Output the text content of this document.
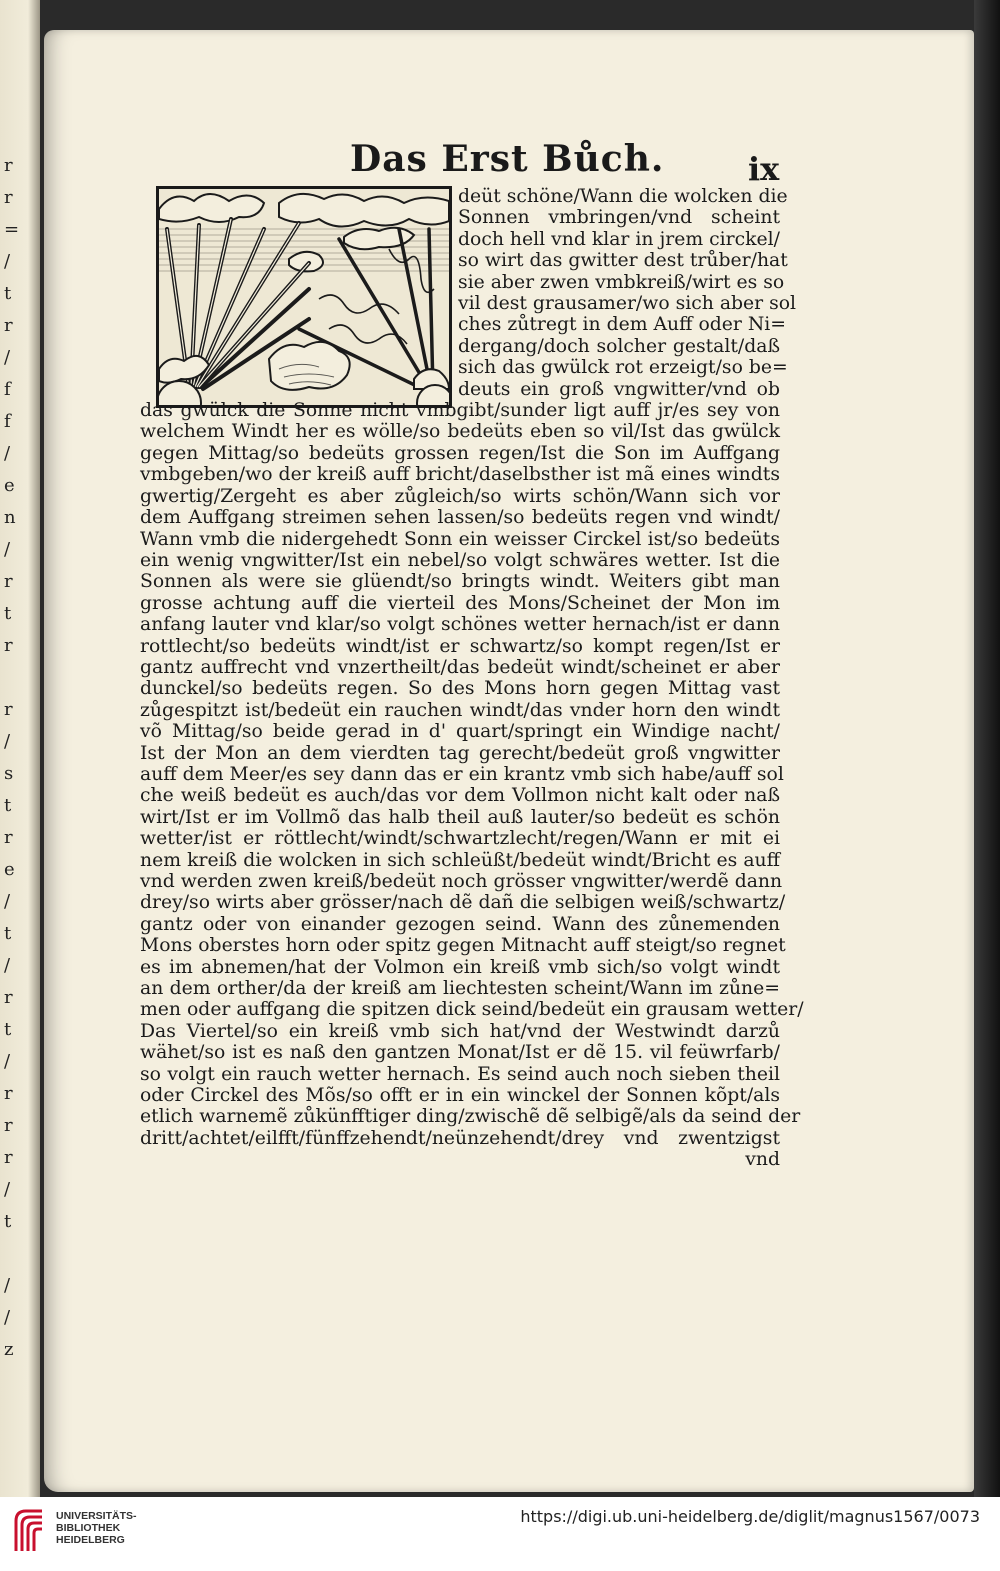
r
r
=
/
t
r
/
f
f
/
e
n
/
r
t
r

r
/
s
t
r
e
/
t
/
r
t
/
r
r
r
/
t

/
/
z
Das Erst Bůch.	ix
deüt schöne/Wann die wolcken die
Sonnen vmbringen/vnd scheint
doch hell vnd klar in jrem circkel/
so wirt das gwitter dest trůber/hat
sie aber zwen vmbkreiß/wirt es so
vil dest grausamer/wo sich aber sol
ches zůtregt in dem Auff oder Ni=
dergang/doch solcher gestalt/daß
sich das gwülck rot erzeigt/so be=
deuts ein groß vngwitter/vnd ob
das gwülck die Sonne nicht vmbgibt/sunder ligt auff jr/es sey von
welchem Windt her es wölle/so bedeüts eben so vil/Ist das gwülck
gegen Mittag/so bedeüts grossen regen/Ist die Son im Auffgang
vmbgeben/wo der kreiß auff bricht/daselbsther ist mã eines windts
gwertig/Zergeht es aber zůgleich/so wirts schön/Wann sich vor
dem Auffgang streimen sehen lassen/so bedeüts regen vnd windt/
Wann vmb die nidergehedt Sonn ein weisser Circkel ist/so bedeüts
ein wenig vngwitter/Ist ein nebel/so volgt schwäres wetter. Ist die
Sonnen als were sie glüendt/so bringts windt. Weiters gibt man
grosse achtung auff die vierteil des Mons/Scheinet der Mon im
anfang lauter vnd klar/so volgt schönes wetter hernach/ist er dann
rottlecht/so bedeüts windt/ist er schwartz/so kompt regen/Ist er
gantz auffrecht vnd vnzertheilt/das bedeüt windt/scheinet er aber
dunckel/so bedeüts regen. So des Mons horn gegen Mittag vast
zůgespitzt ist/bedeüt ein rauchen windt/das vnder horn den windt
võ Mittag/so beide gerad in d' quart/springt ein Windige nacht/
Ist der Mon an dem vierdten tag gerecht/bedeüt groß vngwitter
auff dem Meer/es sey dann das er ein krantz vmb sich habe/auff sol
che weiß bedeüt es auch/das vor dem Vollmon nicht kalt oder naß
wirt/Ist er im Vollmõ das halb theil auß lauter/so bedeüt es schön
wetter/ist er röttlecht/windt/schwartzlecht/regen/Wann er mit ei
nem kreiß die wolcken in sich schleüßt/bedeüt windt/Bricht es auff
vnd werden zwen kreiß/bedeüt noch grösser vngwitter/werdẽ dann
drey/so wirts aber grösser/nach dẽ dañ die selbigen weiß/schwartz/
gantz oder von einander gezogen seind. Wann des zůnemenden
Mons oberstes horn oder spitz gegen Mitnacht auff steigt/so regnet
es im abnemen/hat der Volmon ein kreiß vmb sich/so volgt windt
an dem orther/da der kreiß am liechtesten scheint/Wann im zůne=
men oder auffgang die spitzen dick seind/bedeüt ein grausam wetter/
Das Viertel/so ein kreiß vmb sich hat/vnd der Westwindt darzů
wähet/so ist es naß den gantzen Monat/Ist er dẽ 15. vil feüwrfarb/
so volgt ein rauch wetter hernach. Es seind auch noch sieben theil
oder Circkel des Mõs/so offt er in ein winckel der Sonnen kõpt/als
etlich warnemẽ zůkünfftiger ding/zwischẽ dẽ selbigẽ/als da seind der
dritt/achtet/eilfft/fünffzehendt/neünzehendt/drey vnd zwentzigst
vnd
UNIVERSITÄTS-
BIBLIOTHEK
HEIDELBERG
https://digi.ub.uni-heidelberg.de/diglit/magnus1567/0073
